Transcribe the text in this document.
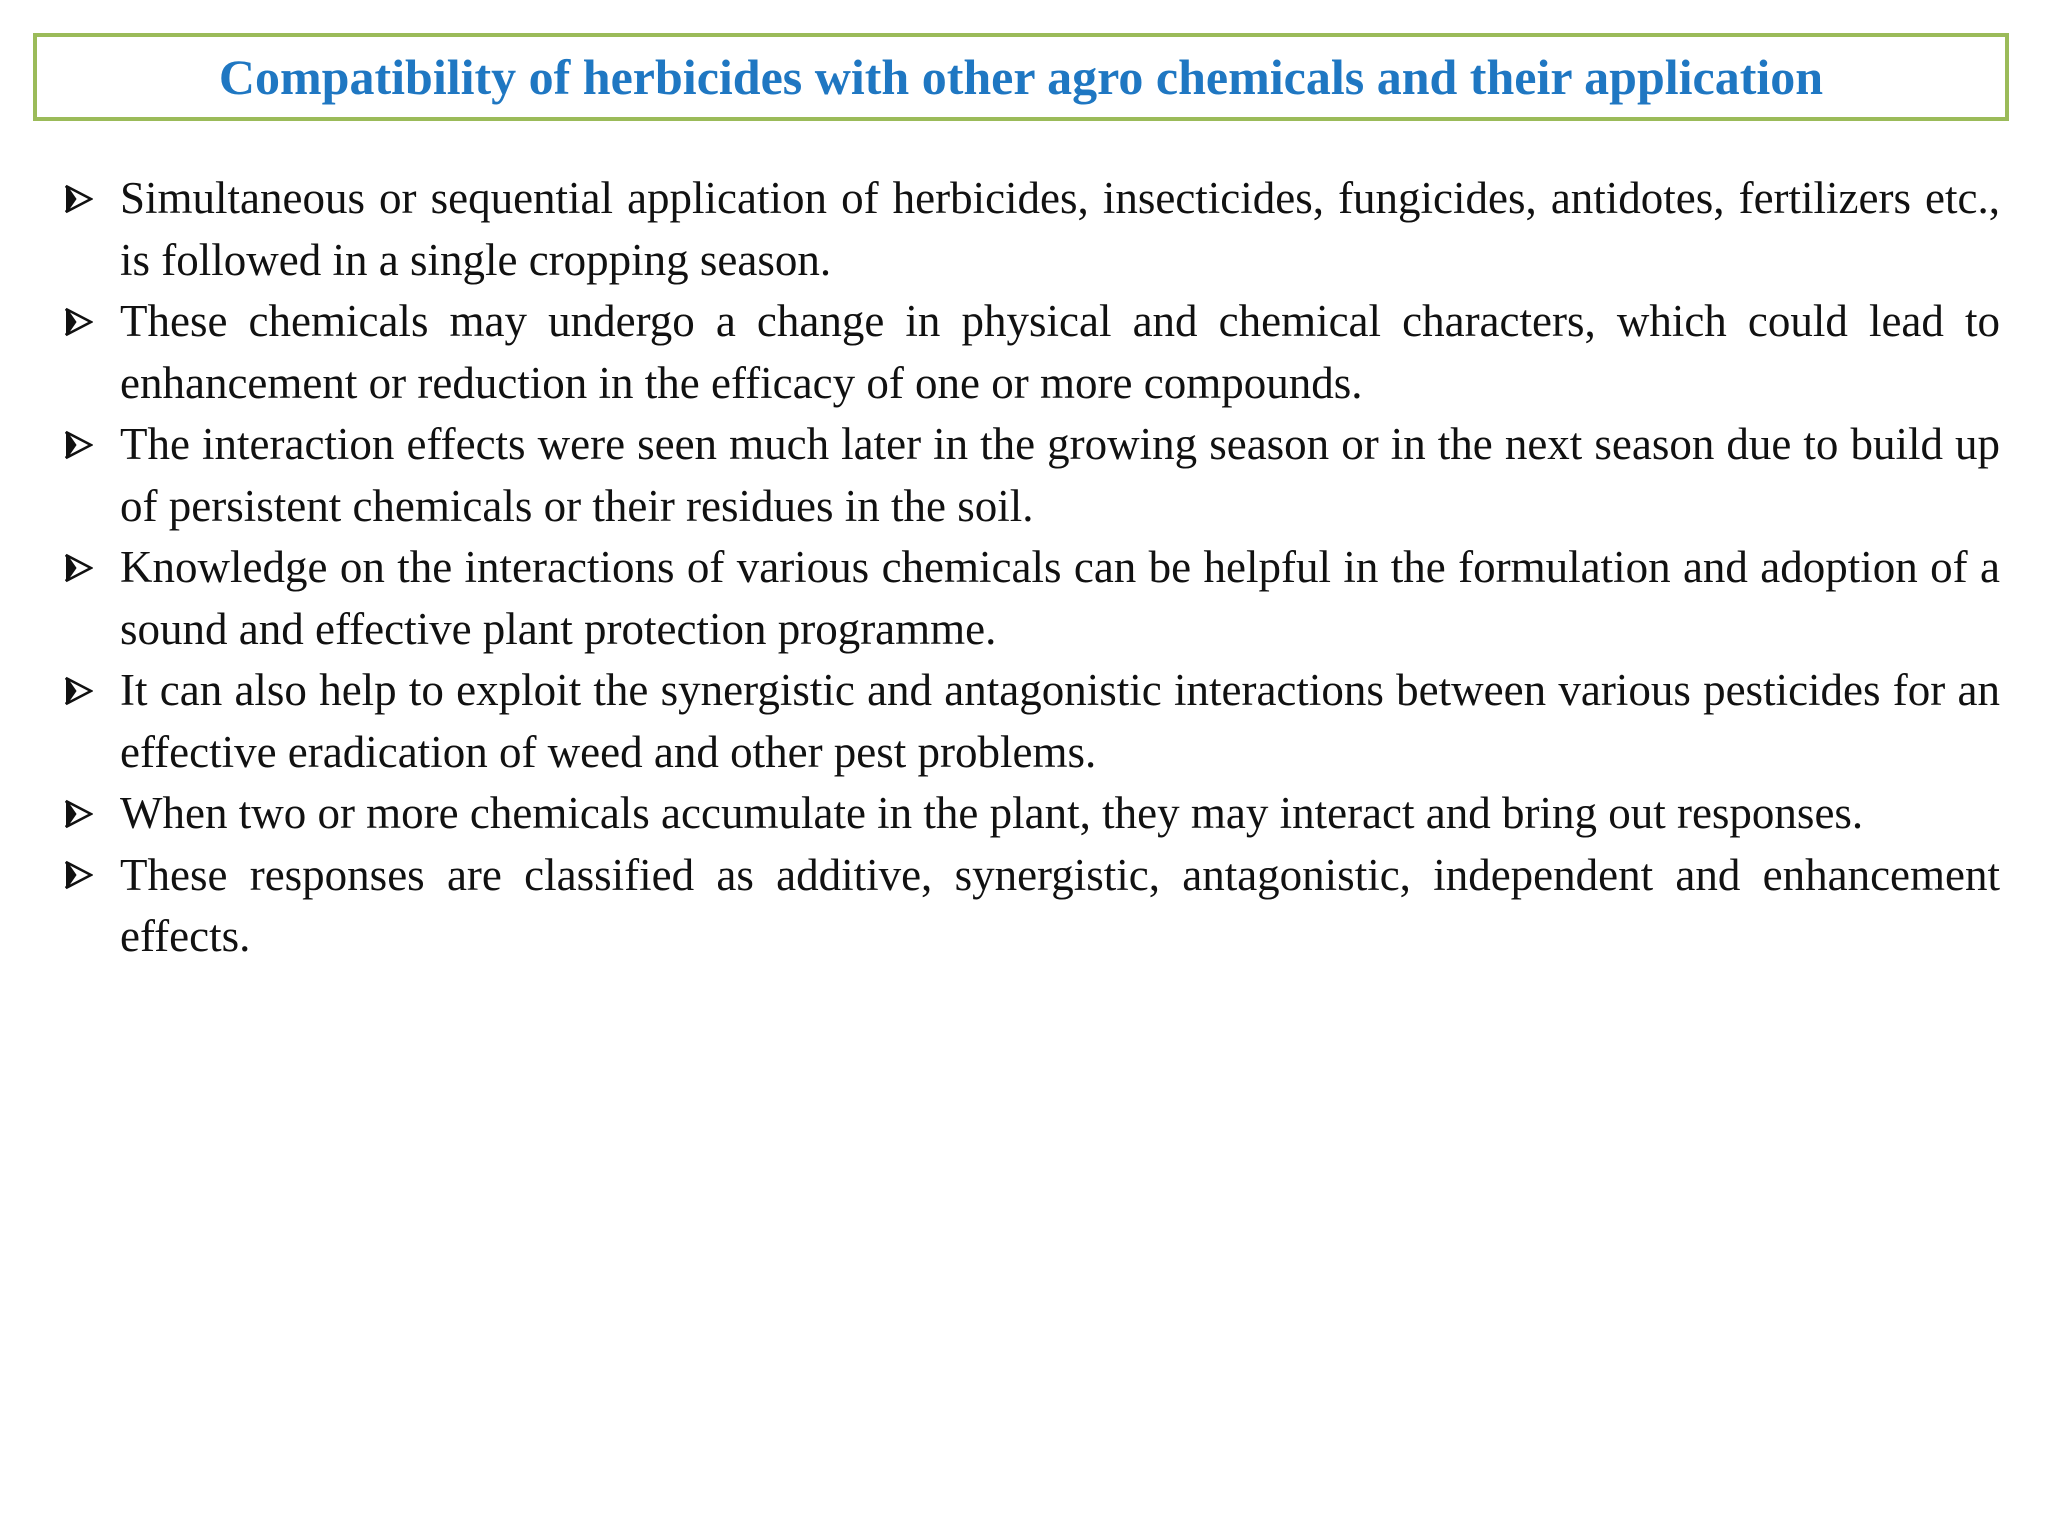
Compatibility of herbicides with other agro chemicals and their application
Simultaneous or sequential application of herbicides, insecticides, fungicides, antidotes, fertilizers etc., is followed in a single cropping season.
These chemicals may undergo a change in physical and chemical characters, which could lead to enhancement or reduction in the efficacy of one or more compounds.
The interaction effects were seen much later in the growing season or in the next season due to build up of persistent chemicals or their residues in the soil.
Knowledge on the interactions of various chemicals can be helpful in the formulation and adoption of a sound and effective plant protection programme.
It can also help to exploit the synergistic and antagonistic interactions between various pesticides for an effective eradication of weed and other pest problems.
When two or more chemicals accumulate in the plant, they may interact and bring out responses.
These responses are classified as additive, synergistic, antagonistic, independent and enhancement effects.
